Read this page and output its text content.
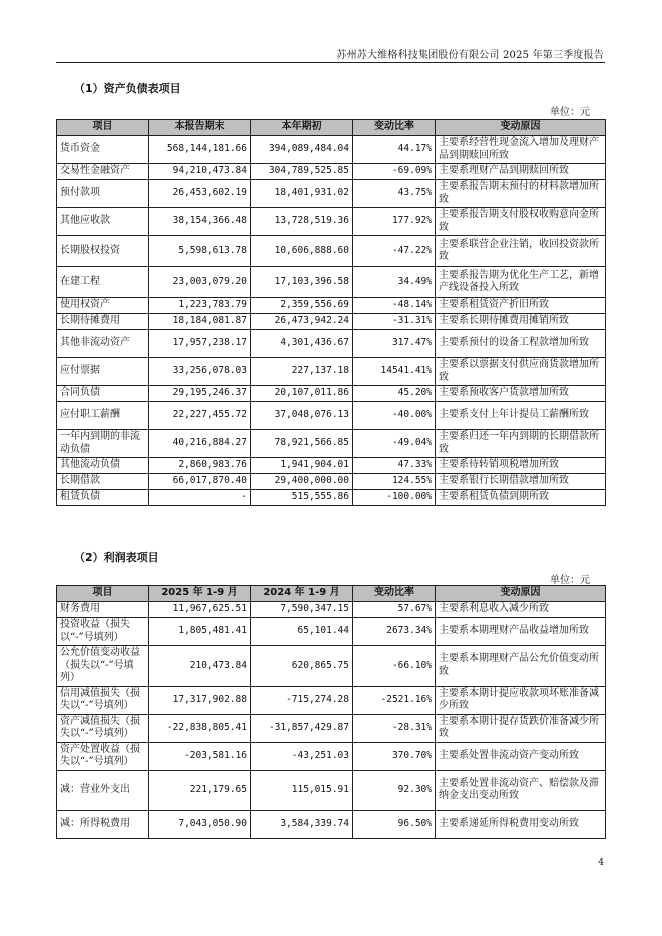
苏州苏大维格科技集团股份有限公司 2025 年第三季度报告
（1）资产负债表项目
单位：元
项目	本报告期末	本年期初	变动比率	变动原因
货币资金	568,144,181.66	394,089,484.04	44.17%	主要系经营性现金流入增加及理财产品到期赎回所致
交易性金融资产	94,210,473.84	304,789,525.85	-69.09%	主要系理财产品到期赎回所致
预付款项	26,453,602.19	18,401,931.02	43.75%	主要系报告期末预付的材料款增加所致
其他应收款	38,154,366.48	13,728,519.36	177.92%	主要系报告期支付股权收购意向金所致
长期股权投资	5,598,613.78	10,606,888.60	-47.22%	主要系联营企业注销，收回投资款所致
在建工程	23,003,079.20	17,103,396.58	34.49%	主要系报告期为优化生产工艺，新增产线设备投入所致
使用权资产	1,223,783.79	2,359,556.69	-48.14%	主要系租赁资产折旧所致
长期待摊费用	18,184,081.87	26,473,942.24	-31.31%	主要系长期待摊费用摊销所致
其他非流动资产	17,957,238.17	4,301,436.67	317.47%	主要系预付的设备工程款增加所致
应付票据	33,256,078.03	227,137.18	14541.41%	主要系以票据支付供应商货款增加所致
合同负债	29,195,246.37	20,107,011.86	45.20%	主要系预收客户货款增加所致
应付职工薪酬	22,227,455.72	37,048,076.13	-40.00%	主要系支付上年计提员工薪酬所致
一年内到期的非流动负债	40,216,884.27	78,921,566.85	-49.04%	主要系归还一年内到期的长期借款所致
其他流动负债	2,860,983.76	1,941,904.01	47.33%	主要系待转销项税增加所致
长期借款	66,017,870.40	29,400,000.00	124.55%	主要系银行长期借款增加所致
租赁负债	-	515,555.86	-100.00%	主要系租赁负债到期所致
（2）利润表项目
单位：元
项目	2025 年 1-9 月	2024 年 1-9 月	变动比率	变动原因
财务费用	11,967,625.51	7,590,347.15	57.67%	主要系利息收入减少所致
投资收益（损失以“-”号填列）	1,805,481.41	65,101.44	2673.34%	主要系本期理财产品收益增加所致
公允价值变动收益（损失以“-”号填列）	210,473.84	620,865.75	-66.10%	主要系本期理财产品公允价值变动所致
信用减值损失（损失以“-”号填列）	17,317,902.88	-715,274.28	-2521.16%	主要系本期计提应收款项坏账准备减少所致
资产减值损失（损失以“-”号填列）	-22,838,805.41	-31,857,429.87	-28.31%	主要系本期计提存货跌价准备减少所致
资产处置收益（损失以“-”号填列）	-203,581.16	-43,251.03	370.70%	主要系处置非流动资产变动所致
减：营业外支出	221,179.65	115,015.91	92.30%	主要系处置非流动资产、赔偿款及滞纳金支出变动所致
减：所得税费用	7,043,050.90	3,584,339.74	96.50%	主要系递延所得税费用变动所致
4
